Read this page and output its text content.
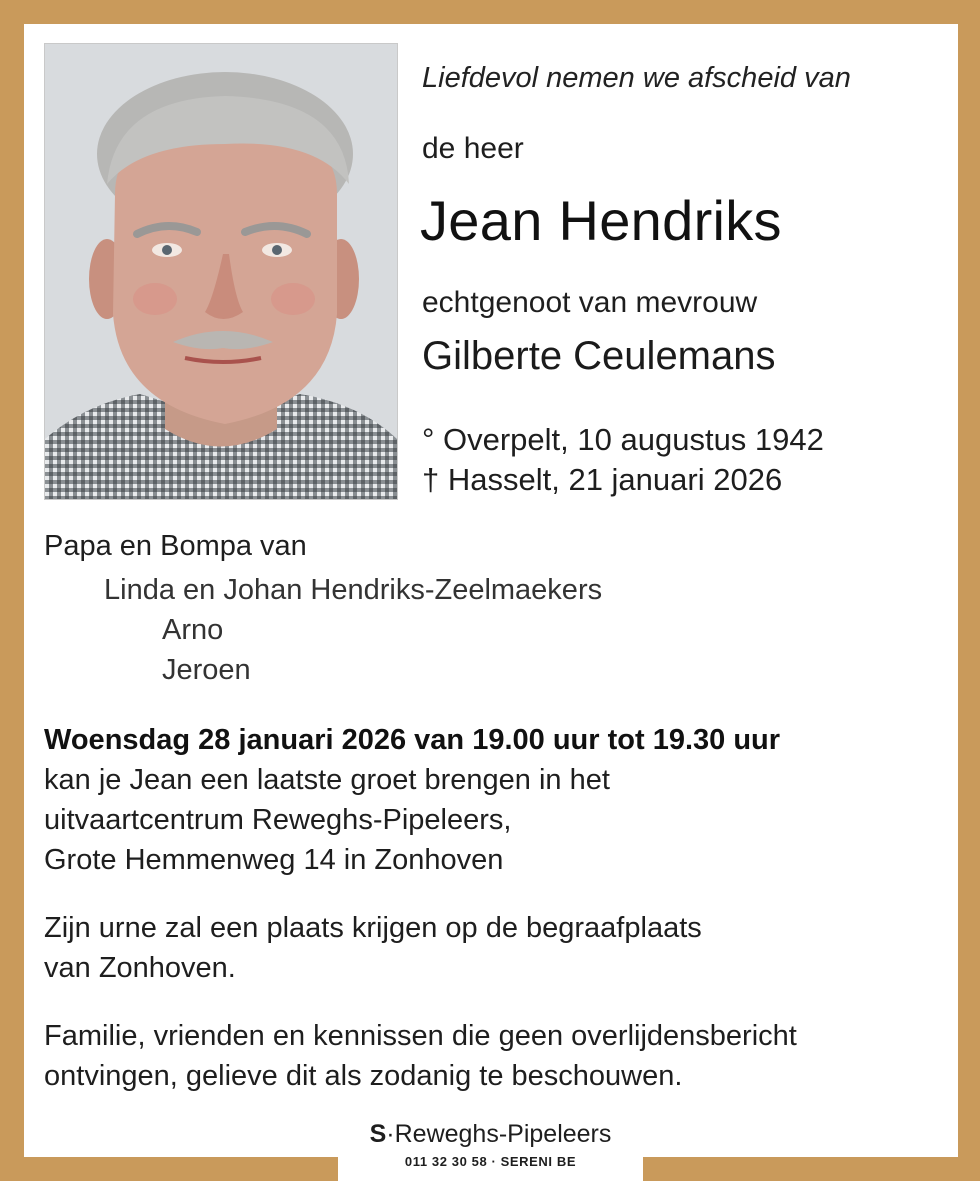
Liefdevol nemen we afscheid van
de heer
Jean Hendriks
echtgenoot van mevrouw
Gilberte Ceulemans
° Overpelt, 10 augustus 1942
† Hasselt, 21 januari 2026
Papa en Bompa van
Linda en Johan Hendriks-Zeelmaekers
Arno
Jeroen
Woensdag 28 januari 2026 van 19.00 uur tot 19.30 uur
kan je Jean een laatste groet brengen in het
uitvaartcentrum Reweghs-Pipeleers,
Grote Hemmenweg 14 in Zonhoven
Zijn urne zal een plaats krijgen op de begraafplaats
van Zonhoven.
Familie, vrienden en kennissen die geen overlijdensbericht
ontvingen, gelieve dit als zodanig te beschouwen.
S·Reweghs-Pipeleers
011 32 30 58 · SERENI BE
